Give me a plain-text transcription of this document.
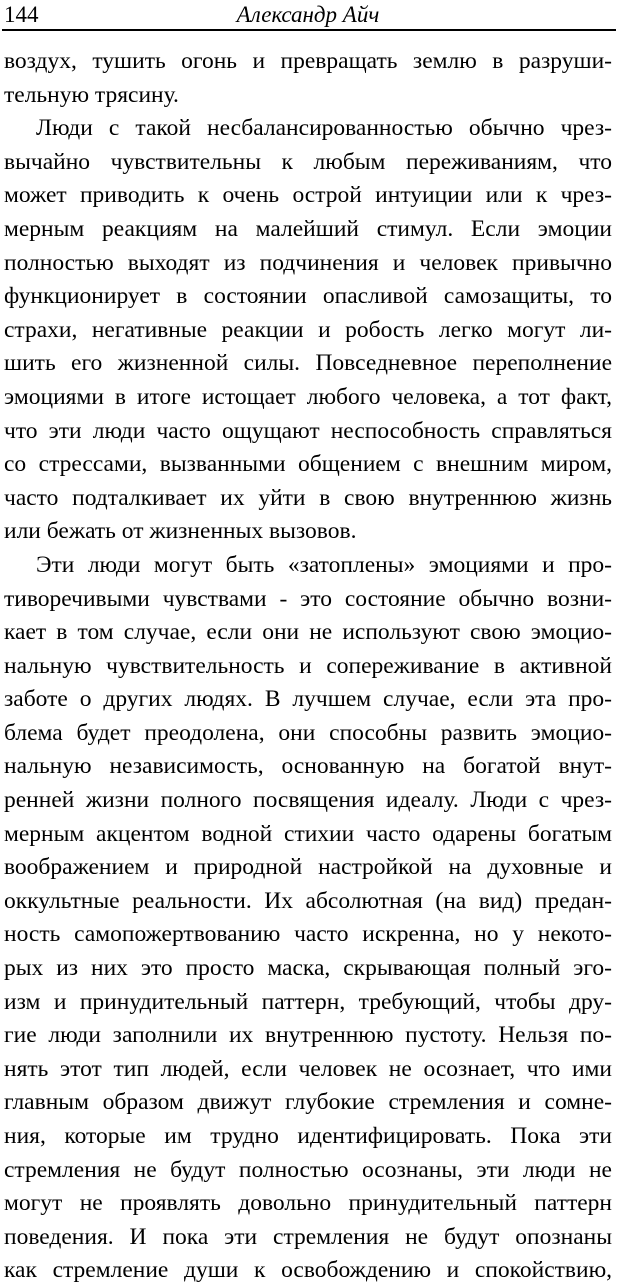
144	Александр Айч
воздух, тушить огонь и превращать землю в разруши-
тельную трясину.
Люди с такой несбалансированностью обычно чрез-
вычайно чувствительны к любым переживаниям, что
может приводить к очень острой интуиции или к чрез-
мерным реакциям на малейший стимул. Если эмоции
полностью выходят из подчинения и человек привычно
функционирует в состоянии опасливой самозащиты, то
страхи, негативные реакции и робость легко могут ли-
шить его жизненной силы. Повседневное переполнение
эмоциями в итоге истощает любого человека, а тот факт,
что эти люди часто ощущают неспособность справляться
со стрессами, вызванными общением с внешним миром,
часто подталкивает их уйти в свою внутреннюю жизнь
или бежать от жизненных вызовов.
Эти люди могут быть «затоплены» эмоциями и про-
тиворечивыми чувствами - это состояние обычно возни-
кает в том случае, если они не используют свою эмоцио-
нальную чувствительность и сопереживание в активной
заботе о других людях. В лучшем случае, если эта про-
блема будет преодолена, они способны развить эмоцио-
нальную независимость, основанную на богатой внут-
ренней жизни полного посвящения идеалу. Люди с чрез-
мерным акцентом водной стихии часто одарены богатым
воображением и природной настройкой на духовные и
оккультные реальности. Их абсолютная (на вид) предан-
ность самопожертвованию часто искренна, но у некото-
рых из них это просто маска, скрывающая полный эго-
изм и принудительный паттерн, требующий, чтобы дру-
гие люди заполнили их внутреннюю пустоту. Нельзя по-
нять этот тип людей, если человек не осознает, что ими
главным образом движут глубокие стремления и сомне-
ния, которые им трудно идентифицировать. Пока эти
стремления не будут полностью осознаны, эти люди не
могут не проявлять довольно принудительный паттерн
поведения. И пока эти стремления не будут опознаны
как стремление души к освобождению и спокойствию,
